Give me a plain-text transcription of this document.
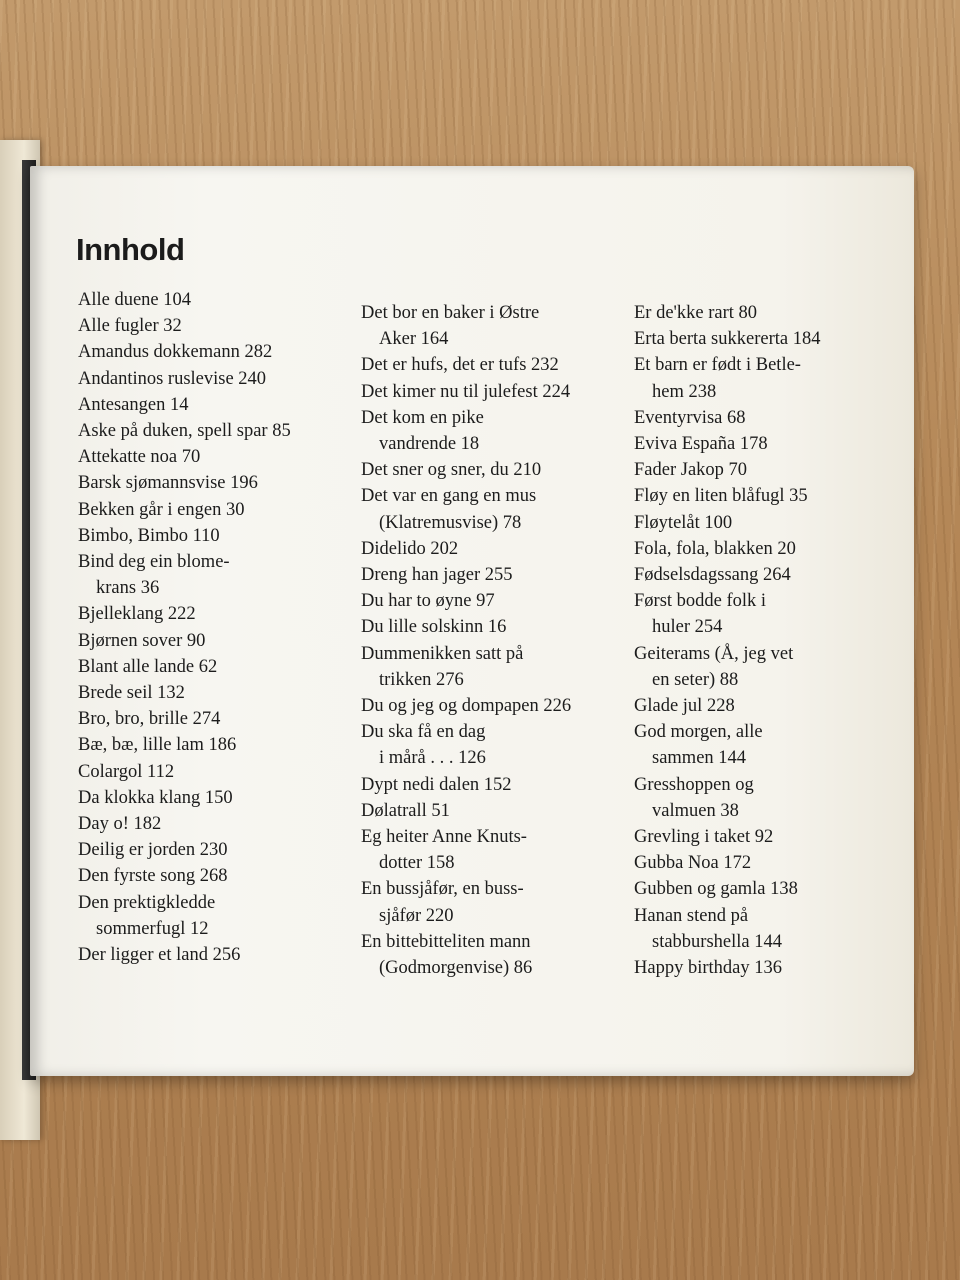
Innhold
Alle duene 104
Alle fugler 32
Amandus dokkemann 282
Andantinos ruslevise 240
Antesangen 14
Aske på duken, spell spar 85
Attekatte noa 70
Barsk sjømannsvise 196
Bekken går i engen 30
Bimbo, Bimbo 110
Bind deg ein blome-
krans 36
Bjelleklang 222
Bjørnen sover 90
Blant alle lande 62
Brede seil 132
Bro, bro, brille 274
Bæ, bæ, lille lam 186
Colargol 112
Da klokka klang 150
Day o! 182
Deilig er jorden 230
Den fyrste song 268
Den prektigkledde
sommerfugl 12
Der ligger et land 256
Det bor en baker i Østre
Aker 164
Det er hufs, det er tufs 232
Det kimer nu til julefest 224
Det kom en pike
vandrende 18
Det sner og sner, du 210
Det var en gang en mus
(Klatremusvise) 78
Didelido 202
Dreng han jager 255
Du har to øyne 97
Du lille solskinn 16
Dummenikken satt på
trikken 276
Du og jeg og dompapen 226
Du ska få en dag
i mårå . . . 126
Dypt nedi dalen 152
Dølatrall 51
Eg heiter Anne Knuts-
dotter 158
En bussjåfør, en buss-
sjåfør 220
En bittebitteliten mann
(Godmorgenvise) 86
Er de'kke rart 80
Erta berta sukkererta 184
Et barn er født i Betle-
hem 238
Eventyrvisa 68
Eviva España 178
Fader Jakop 70
Fløy en liten blåfugl 35
Fløytelåt 100
Fola, fola, blakken 20
Fødselsdagssang 264
Først bodde folk i
huler 254
Geiterams (Å, jeg vet
en seter) 88
Glade jul 228
God morgen, alle
sammen 144
Gresshoppen og
valmuen 38
Grevling i taket 92
Gubba Noa 172
Gubben og gamla 138
Hanan stend på
stabburshella 144
Happy birthday 136
